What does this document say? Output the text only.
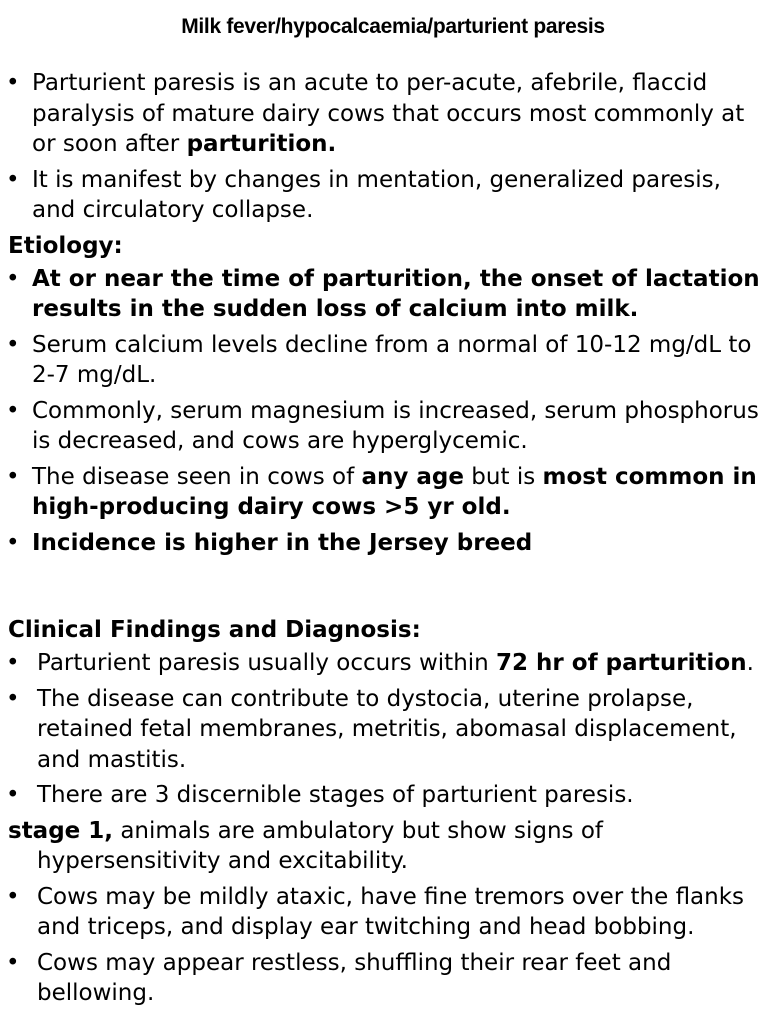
Milk fever/hypocalcaemia/parturient paresis
• Parturient paresis is an acute to per-acute, afebrile, flaccid paralysis of mature dairy cows that occurs most commonly at or soon after parturition.
• It is manifest by changes in mentation, generalized paresis, and circulatory collapse.
Etiology:
• At or near the time of parturition, the onset of lactation results in the sudden loss of calcium into milk.
• Serum calcium levels decline from a normal of 10-12 mg/dL to 2-7 mg/dL.
• Commonly, serum magnesium is increased, serum phosphorus is decreased, and cows are hyperglycemic.
• The disease seen in cows of any age but is most common in high-producing dairy cows >5 yr old.
• Incidence is higher in the Jersey breed
Clinical Findings and Diagnosis:
• Parturient paresis usually occurs within 72 hr of parturition.
• The disease can contribute to dystocia, uterine prolapse, retained fetal membranes, metritis, abomasal displacement, and mastitis.
• There are 3 discernible stages of parturient paresis.
stage 1, animals are ambulatory but show signs of hypersensitivity and excitability.
• Cows may be mildly ataxic, have fine tremors over the flanks and triceps, and display ear twitching and head bobbing.
• Cows may appear restless, shuffling their rear feet and bellowing.
